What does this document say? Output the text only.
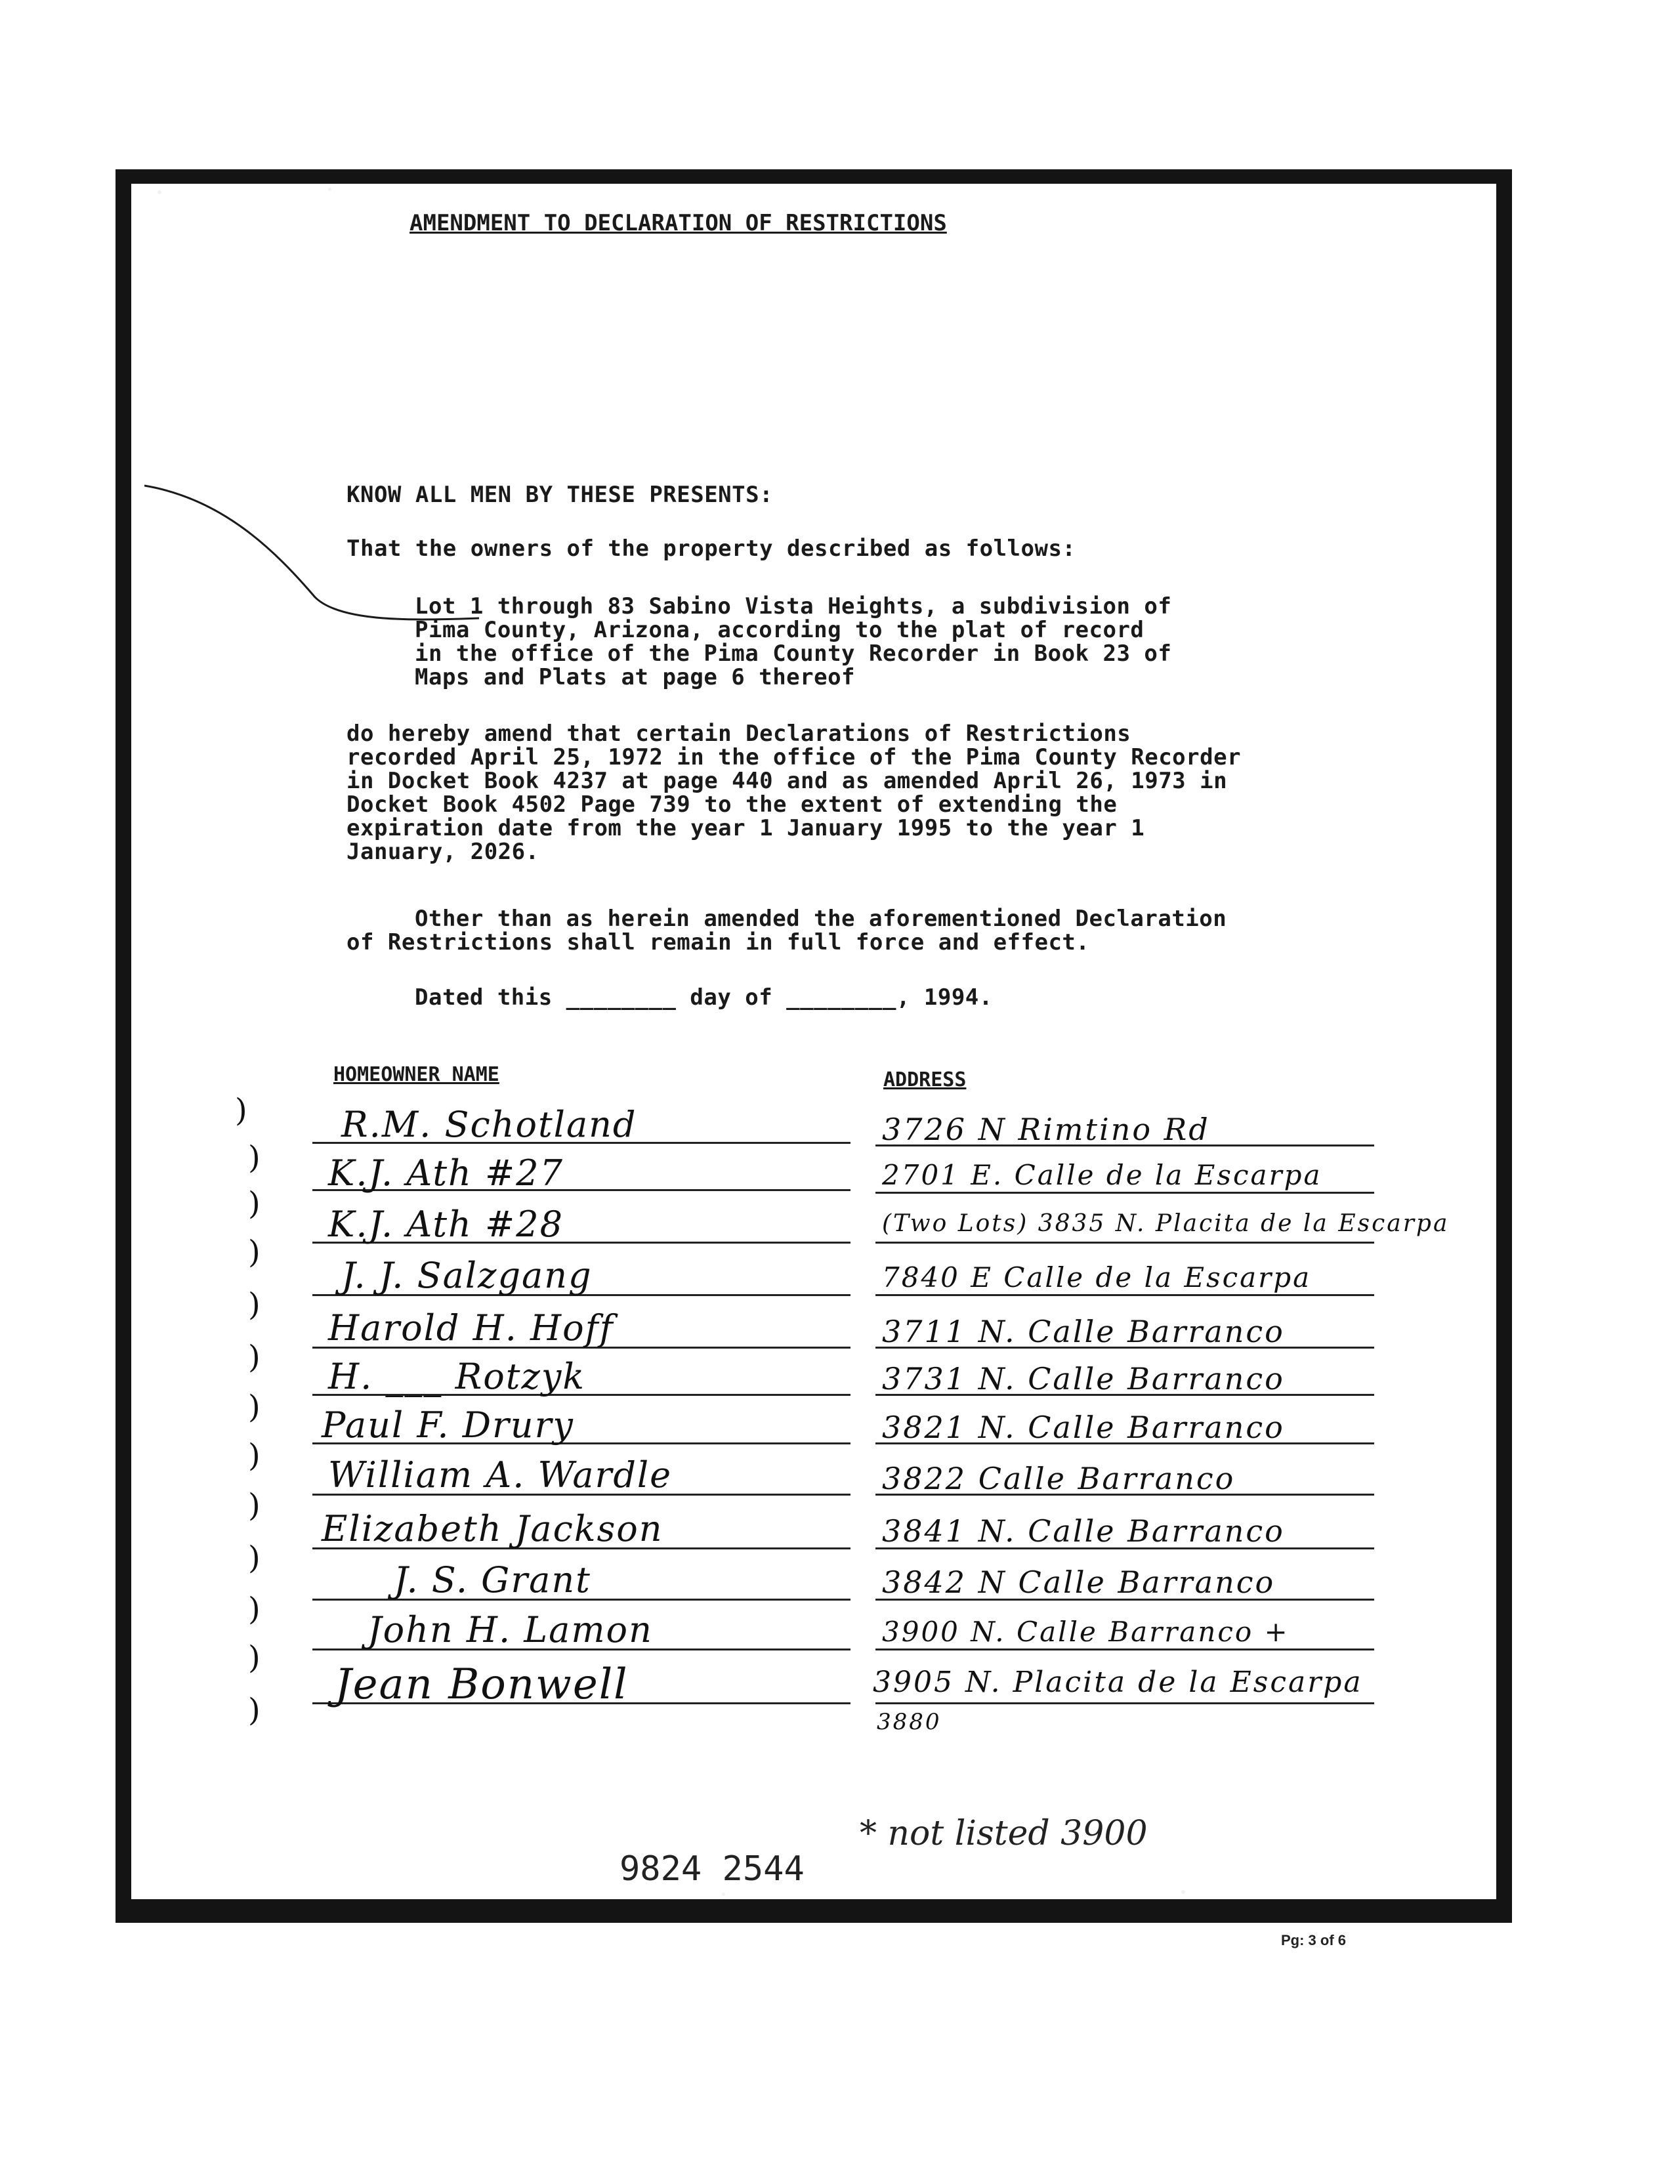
AMENDMENT TO DECLARATION OF RESTRICTIONS
KNOW ALL MEN BY THESE PRESENTS:
That the owners of the property described as follows:
Lot 1 through 83 Sabino Vista Heights, a subdivision of
Pima County, Arizona, according to the plat of record
in the office of the Pima County Recorder in Book 23 of
Maps and Plats at page 6 thereof
do hereby amend that certain Declarations of Restrictions
recorded April 25, 1972 in the office of the Pima County Recorder
in Docket Book 4237 at page 440 and as amended April 26, 1973 in
Docket Book 4502 Page 739 to the extent of extending the
expiration date from the year 1 January 1995 to the year 1
January, 2026.
Other than as herein amended the aforementioned Declaration
of Restrictions shall remain in full force and effect.
Dated this ________ day of ________, 1994.
HOMEOWNER NAME	ADDRESS
)
)
)
)
)
)
)
)
)
)
)
)
)
R.M. Schotland	3726 N Rimtino Rd
K.J. Ath #27	2701 E. Calle de la Escarpa
K.J. Ath #28	(Two Lots) 3835 N. Placita de la Escarpa
J. J. Salzgang	7840 E Calle de la Escarpa
Harold H. Hoff	3711 N. Calle Barranco
H. ___ Rotzyk	3731 N. Calle Barranco
Paul F. Drury	3821 N. Calle Barranco
William A. Wardle	3822 Calle Barranco
Elizabeth Jackson	3841 N. Calle Barranco
J. S. Grant	3842 N Calle Barranco
John H. Lamon	3900 N. Calle Barranco +
Jean Bonwell	3905 N. Placita de la Escarpa
3880
9824 2544
* not listed 3900
Pg: 3 of 6
